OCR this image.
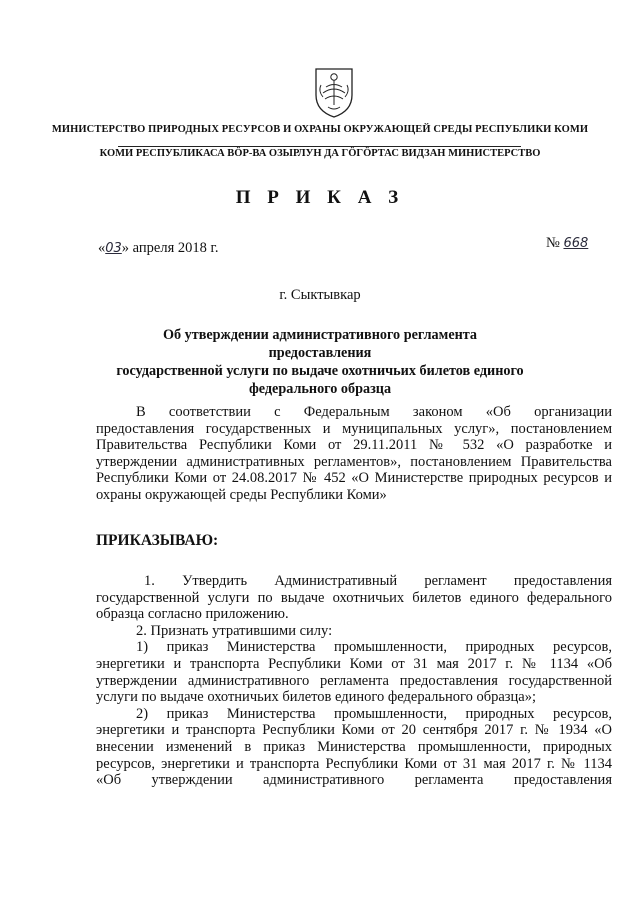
МИНИСТЕРСТВО ПРИРОДНЫХ РЕСУРСОВ И ОХРАНЫ ОКРУЖАЮЩЕЙ СРЕДЫ РЕСПУБЛИКИ КОМИ
КОМИ РЕСПУБЛИКАСА ВӦР-ВА ОЗЫРЛУН ДА ГӦГӦРТАС ВИДЗАН МИНИСТЕРСТВО
П Р И К А З
«03» апреля 2018 г.	№ 668
г. Сыктывкар
Об утверждении административного регламента предоставления
государственной услуги по выдаче охотничьих билетов единого
федерального образца
В соответствии с Федеральным законом «Об организации
предоставления государственных и муниципальных услуг», постановлением
Правительства Республики Коми от 29.11.2011 № 532 «О разработке и
утверждении административных регламентов», постановлением Правительства
Республики Коми от 24.08.2017 № 452 «О Министерстве природных ресурсов и
охраны окружающей среды Республики Коми»
ПРИКАЗЫВАЮ:
1. Утвердить Административный регламент предоставления
государственной услуги по выдаче охотничьих билетов единого федерального
образца согласно приложению.
2. Признать утратившими силу:
1) приказ Министерства промышленности, природных ресурсов,
энергетики и транспорта Республики Коми от 31 мая 2017 г. № 1134 «Об
утверждении административного регламента предоставления государственной
услуги по выдаче охотничьих билетов единого федерального образца»;
2) приказ Министерства промышленности, природных ресурсов,
энергетики и транспорта Республики Коми от 20 сентября 2017 г. № 1934 «О
внесении изменений в приказ Министерства промышленности, природных
ресурсов, энергетики и транспорта Республики Коми от 31 мая 2017 г. № 1134
«Об утверждении административного регламента предоставления
